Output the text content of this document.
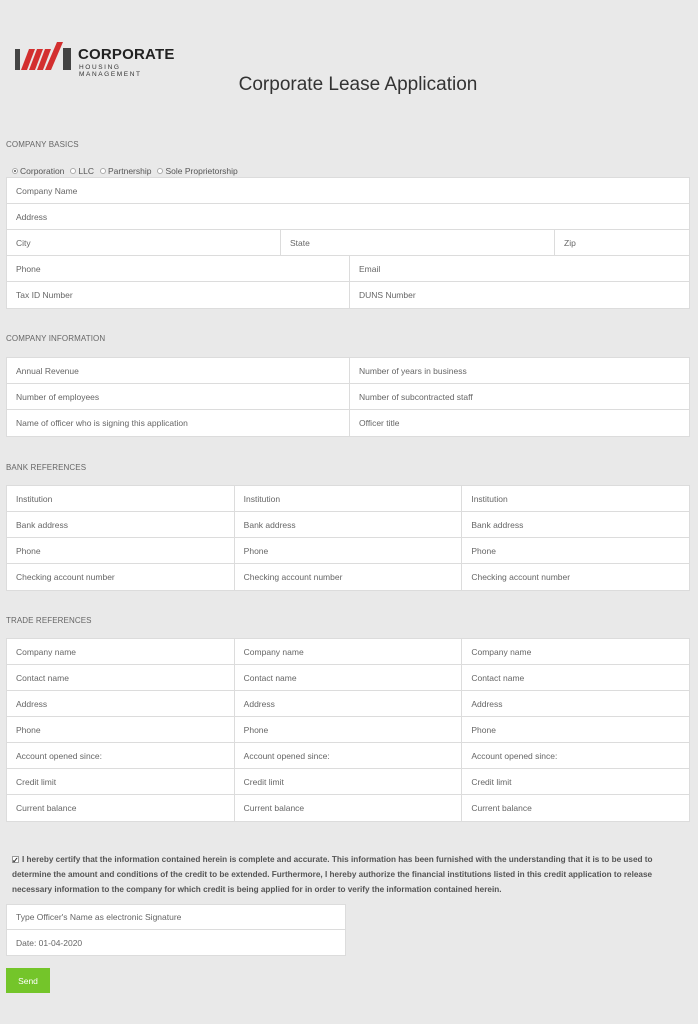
CORPORATE
HOUSING MANAGEMENT	Corporate Lease Application
COMPANY BASICS
Corporation LLC Partnership Sole Proprietorship
Company Name
Address
City	State	Zip
Phone	Email
Tax ID Number	DUNS Number
COMPANY INFORMATION
Annual Revenue	Number of years in business
Number of employees	Number of subcontracted staff
Name of officer who is signing this application	Officer title
BANK REFERENCES
Institution	Institution	Institution
Bank address	Bank address	Bank address
Phone	Phone	Phone
Checking account number	Checking account number	Checking account number
TRADE REFERENCES
Company name	Company name	Company name
Contact name	Contact name	Contact name
Address	Address	Address
Phone	Phone	Phone
Account opened since:	Account opened since:	Account opened since:
Credit limit	Credit limit	Credit limit
Current balance	Current balance	Current balance
✓I hereby certify that the information contained herein is complete and accurate. This information has been furnished with the understanding that it is to be used to determine the amount and conditions of the credit to be extended. Furthermore, I hereby authorize the financial institutions listed in this credit application to release necessary information to the company for which credit is being applied for in order to verify the information contained herein.
Type Officer's Name as electronic Signature
Date: 01-04-2020
Send
